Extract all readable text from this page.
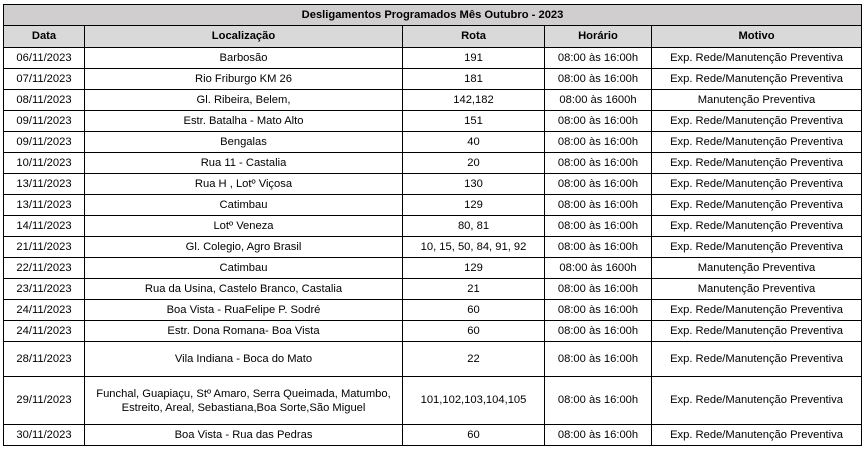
Desligamentos Programados Mês Outubro - 2023				
Data	Localização	Rota	Horário	Motivo
06/11/2023	Barbosão	191	08:00 às 16:00h	Exp. Rede/Manutenção Preventiva
07/11/2023	Rio Friburgo KM 26	181	08:00 às 16:00h	Exp. Rede/Manutenção Preventiva
08/11/2023	Gl. Ribeira, Belem,	142,182	08:00 às 1600h	Manutenção Preventiva
09/11/2023	Estr. Batalha - Mato Alto	151	08:00 às 16:00h	Exp. Rede/Manutenção Preventiva
09/11/2023	Bengalas	40	08:00 às 16:00h	Exp. Rede/Manutenção Preventiva
10/11/2023	Rua 11 - Castalia	20	08:00 às 16:00h	Exp. Rede/Manutenção Preventiva
13/11/2023	Rua H , Lotº Viçosa	130	08:00 às 16:00h	Exp. Rede/Manutenção Preventiva
13/11/2023	Catimbau	129	08:00 às 16:00h	Exp. Rede/Manutenção Preventiva
14/11/2023	Lotº Veneza	80, 81	08:00 às 16:00h	Exp. Rede/Manutenção Preventiva
21/11/2023	Gl. Colegio, Agro Brasil	10, 15, 50, 84, 91, 92	08:00 às 16:00h	Exp. Rede/Manutenção Preventiva
22/11/2023	Catimbau	129	08:00 às 1600h	Manutenção Preventiva
23/11/2023	Rua da Usina, Castelo Branco, Castalia	21	08:00 às 16:00h	Manutenção Preventiva
24/11/2023	Boa Vista - RuaFelipe P. Sodré	60	08:00 às 16:00h	Exp. Rede/Manutenção Preventiva
24/11/2023	Estr. Dona Romana- Boa Vista	60	08:00 às 16:00h	Exp. Rede/Manutenção Preventiva
28/11/2023	Vila Indiana - Boca do Mato	22	08:00 às 16:00h	Exp. Rede/Manutenção Preventiva
29/11/2023	Funchal, Guapiaçu, Stº Amaro, Serra Queimada, Matumbo, Estreito, Areal, Sebastiana,Boa Sorte,São Miguel	101,102,103,104,105	08:00 às 16:00h	Exp. Rede/Manutenção Preventiva
30/11/2023	Boa Vista - Rua das Pedras	60	08:00 às 16:00h	Exp. Rede/Manutenção Preventiva
